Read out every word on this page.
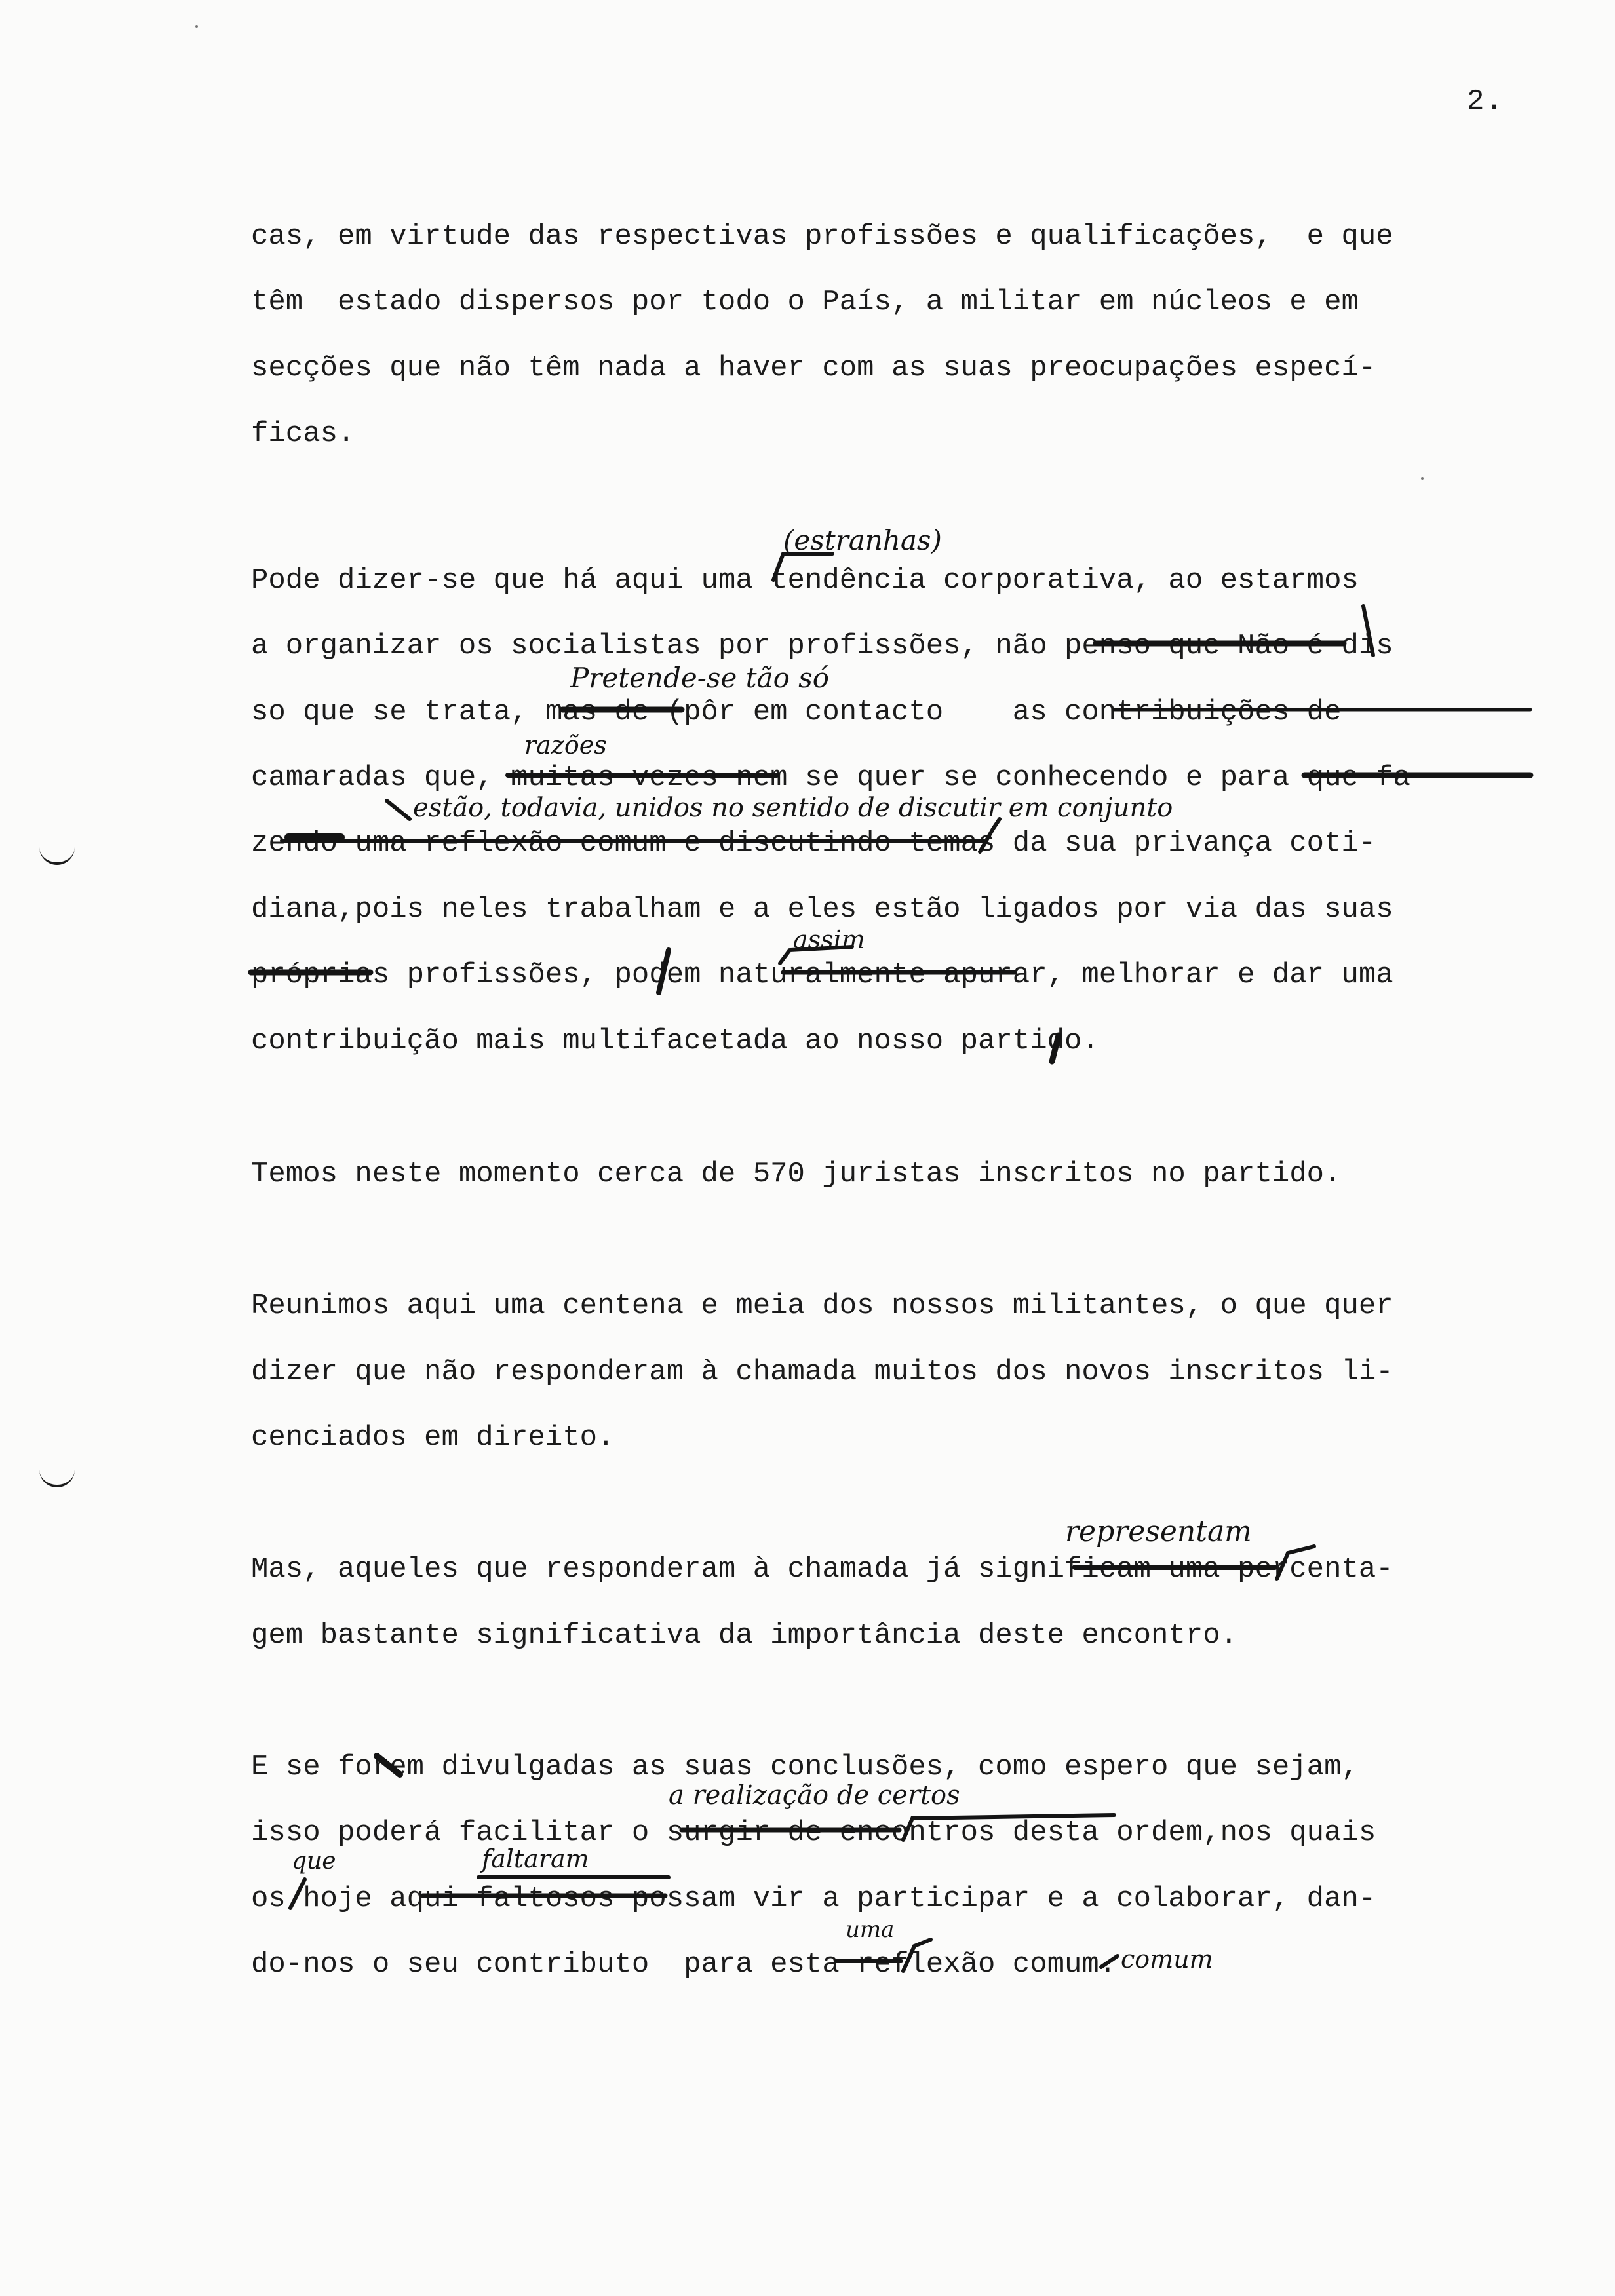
2.
cas, em virtude das respectivas profissões e qualificações,  e que
têm  estado dispersos por todo o País, a militar em núcleos e em
secções que não têm nada a haver com as suas preocupações especí-
ficas.
Pode dizer-se que há aqui uma tendência corporativa, ao estarmos
a organizar os socialistas por profissões, não penso que Não é dis
so que se trata, mas de (pôr em contacto    as contribuições de
camaradas que, muitas vezes nem se quer se conhecendo e para que fa-
zendo uma reflexão comum e discutindo temas da sua privança coti-
diana,pois neles trabalham e a eles estão ligados por via das suas
próprias profissões, podem naturalmente apurar, melhorar e dar uma
contribuição mais multifacetada ao nosso partido.
Temos neste momento cerca de 570 juristas inscritos no partido.
Reunimos aqui uma centena e meia dos nossos militantes, o que quer
dizer que não responderam à chamada muitos dos novos inscritos li-
cenciados em direito.
Mas, aqueles que responderam à chamada já significam uma percenta-
gem bastante significativa da importância deste encontro.
E se forem divulgadas as suas conclusões, como espero que sejam,
isso poderá facilitar o surgir de encontros desta ordem,nos quais
os hoje aqui faltosos possam vir a participar e a colaborar, dan-
do-nos o seu contributo  para esta reflexão comum.
(estranhas)
Pretende-se tão só
razões
estão, todavia, unidos no sentido de discutir em conjunto
assim
representam
a realização de certos
que	faltaram
uma
comum
